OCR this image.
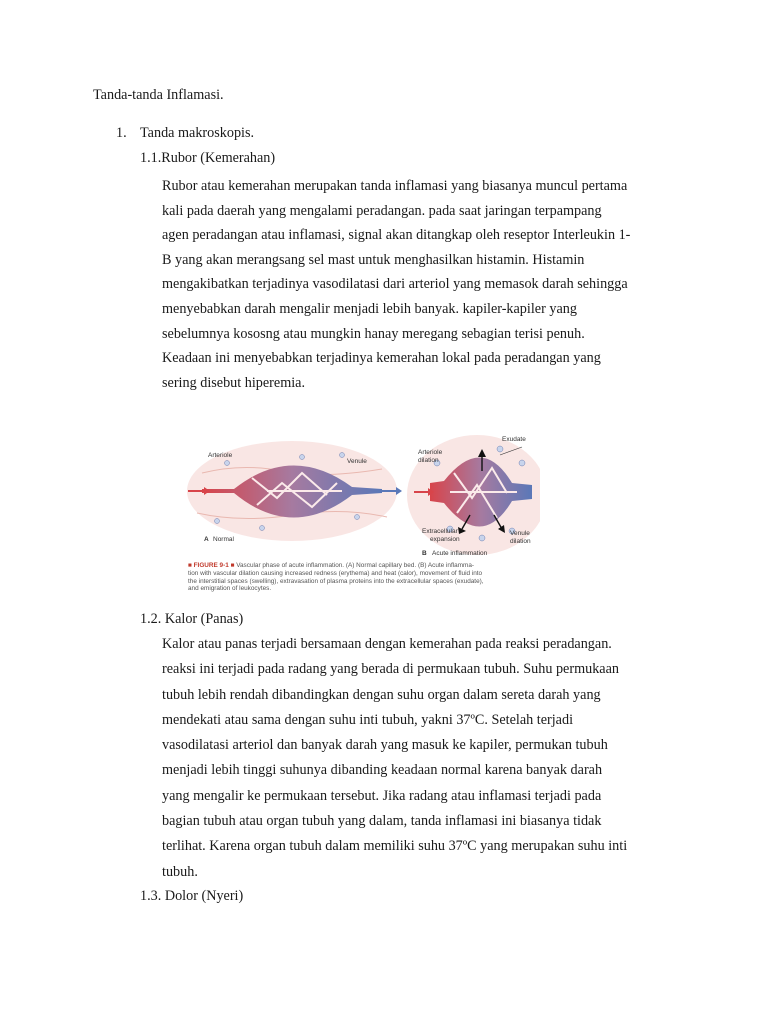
Tanda-tanda Inflamasi.
1. Tanda makroskopis.
1.1.Rubor (Kemerahan)
Rubor atau kemerahan merupakan tanda inflamasi yang biasanya muncul pertama
kali pada daerah yang mengalami peradangan. pada saat jaringan terpampang
agen peradangan atau inflamasi, signal akan ditangkap oleh reseptor Interleukin 1-
B yang akan merangsang sel mast untuk menghasilkan histamin. Histamin
mengakibatkan terjadinya vasodilatasi dari arteriol yang memasok darah sehingga
menyebabkan darah mengalir menjadi lebih banyak. kapiler-kapiler yang
sebelumnya kososng atau mungkin hanay meregang sebagian terisi penuh.
Keadaan ini menyebabkan terjadinya kemerahan lokal pada peradangan yang
sering disebut hiperemia.
Arteriole
Venule
A Normal
Arteriole
dilation
Exudate
Extracellular
expansion
Venule
dilation
B Acute inflammation
■ FIGURE 9-1 ■ Vascular phase of acute inflammation. (A) Normal capillary bed. (B) Acute inflamma-
tion with vascular dilation causing increased redness (erythema) and heat (calor), movement of fluid into
the interstitial spaces (swelling), extravasation of plasma proteins into the extracellular spaces (exudate),
and emigration of leukocytes.
1.2. Kalor (Panas)
Kalor atau panas terjadi bersamaan dengan kemerahan pada reaksi peradangan.
reaksi ini terjadi pada radang yang berada di permukaan tubuh. Suhu permukaan
tubuh lebih rendah dibandingkan dengan suhu organ dalam sereta darah yang
mendekati atau sama dengan suhu inti tubuh, yakni 37ºC. Setelah terjadi
vasodilatasi arteriol dan banyak darah yang masuk ke kapiler, permukan tubuh
menjadi lebih tinggi suhunya dibanding keadaan normal karena banyak darah
yang mengalir ke permukaan tersebut. Jika radang atau inflamasi terjadi pada
bagian tubuh atau organ tubuh yang dalam, tanda inflamasi ini biasanya tidak
terlihat. Karena organ tubuh dalam memiliki suhu 37ºC yang merupakan suhu inti
tubuh.
1.3. Dolor (Nyeri)
